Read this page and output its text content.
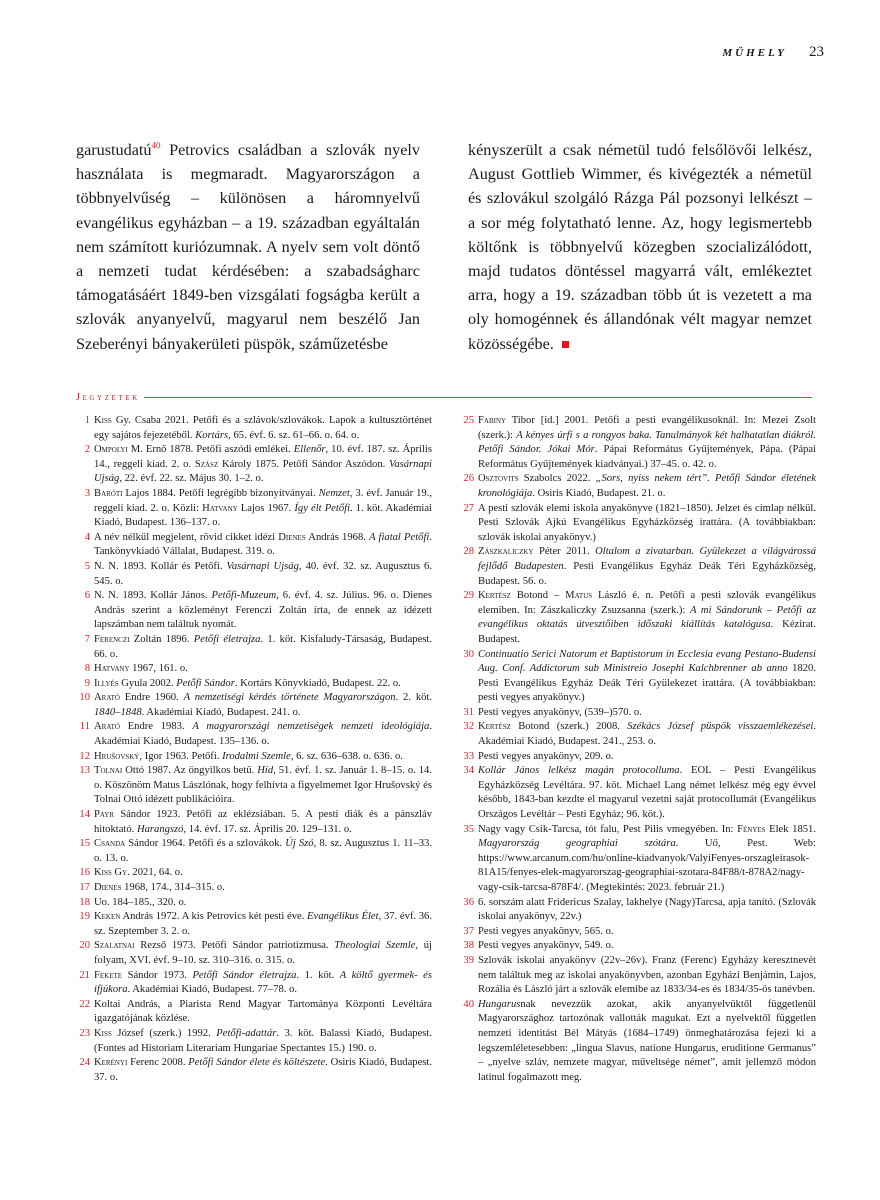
MŰHELY 23

garustudatú$^{40}$ Petrovics családban a szlovák nyelv használata is megmaradt. Magyarországon a többnyelvűség – különösen a háromnyelvű evangélikus egyházban – a 19. században egyáltalán nem számított kuriózumnak. A nyelv sem volt döntő a nemzeti tudat kérdésében: a szabadságharc támogatásáért 1849-ben vizsgálati fogságba került a szlovák anyanyelvű, magyarul nem beszélő Jan Szeberényi bányakerületi püspök, száműzetésbe

kényszerült a csak németül tudó felsőlövői lelkész, August Gottlieb Wimmer, és kivégezték a németül és szlovákul szolgáló Rázga Pál pozsonyi lelkészt – a sor még folytatható lenne. Az, hogy legismertebb költőnk is többnyelvű közegben szocializálódott, majd tudatos döntéssel magyarrá vált, emlékeztet arra, hogy a 19. században több út is vezetett a ma oly homogénnek és állandónak vélt magyar nemzet közösségébe.

Jegyzetek
1 Kiss Gy. Csaba 2021. Petőfi és a szlávok/szlovákok. Lapok a kultusztörténet egy sajátos fejezetéből. Kortárs, 65. évf. 6. sz. 61–66. o. 64. o.
2 Ompolyi M. Ernő 1878. Petőfi aszódi emlékei. Ellenőr, 10. évf. 187. sz. Április 14., reggeli kiad. 2. o. Szász Károly 1875. Petőfi Sándor Aszódon. Vasárnapi Ujság, 22. évf. 22. sz. Május 30. 1–2. o.
3 Baróti Lajos 1884. Petőfi legrégibb bizonyítványai. Nemzet, 3. évf. Január 19., reggeli kiad. 2. o. Közli: Hatvany Lajos 1967. Így élt Petőfi. 1. köt. Akadémiai Kiadó, Budapest. 136–137. o.
4 A név nélkül megjelent, rövid cikket idézi Dienes András 1968. A fiatal Petőfi. Tankönyvkiadó Vállalat, Budapest. 319. o.
5 N. N. 1893. Kollár és Petőfi. Vasárnapi Ujság, 40. évf. 32. sz. Augusztus 6. 545. o.
6 N. N. 1893. Kollár János. Petőfi-Muzeum, 6. évf. 4. sz. Július. 96. o. Dienes András szerint a közleményt Ferenczi Zoltán írta, de ennek az idézett lapszámban nem találtuk nyomát.
7 Ferenczi Zoltán 1896. Petőfi életrajza. 1. köt. Kisfaludy-Társaság, Budapest. 66. o.
8 Hatvany 1967, 161. o.
9 Illyés Gyula 2002. Petőfi Sándor. Kortárs Könyvkiadó, Budapest. 22. o.
10 Arató Endre 1960. A nemzetiségi kérdés története Magyarországon. 2. köt. 1840–1848. Akadémiai Kiadó, Budapest. 241. o.
11 Arató Endre 1983. A magyarországi nemzetiségek nemzeti ideológiája. Akadémiai Kiadó, Budapest. 135–136. o.
12 Hrušovský, Igor 1963. Petőfi. Irodalmi Szemle, 6. sz. 636–638. o. 636. o.
13 Tolnai Ottó 1987. Az öngyilkos betű. Híd, 51. évf. 1. sz. Január 1. 8–15. o. 14. o. Köszönöm Matus Lászlónak, hogy felhívta a figyelmemet Igor Hrušovský és Tolnai Ottó idézett publikációira.
14 Payr Sándor 1923. Petőfi az eklézsiában. 5. A pesti diák és a pánszláv hitoktató. Harangszó, 14. évf. 17. sz. Április 20. 129–131. o.
15 Csanda Sándor 1964. Petőfi és a szlovákok. Új Szó, 8. sz. Augusztus 1. 11–33. o. 13. o.
16 Kiss Gy. 2021, 64. o.
17 Dienes 1968, 174., 314–315. o.
18 Uo. 184–185., 320. o.
19 Keken András 1972. A kis Petrovics két pesti éve. Evangélikus Élet, 37. évf. 36. sz. Szeptember 3. 2. o.
20 Szalatnai Rezső 1973. Petőfi Sándor patriotizmusa. Theologiai Szemle, új folyam, XVI. évf. 9–10. sz. 310–316. o. 315. o.
21 Fekete Sándor 1973. Petőfi Sándor életrajza. 1. köt. A költő gyermek- és ifjúkora. Akadémiai Kiadó, Budapest. 77–78. o.
22 Koltai András, a Piarista Rend Magyar Tartománya Központi Levéltára igazgatójának közlése.
23 Kiss József (szerk.) 1992. Petőfi-adattár. 3. köt. Balassi Kiadó, Budapest. (Fontes ad Historiam Literariam Hungariae Spectantes 15.) 190. o.
24 Kerényi Ferenc 2008. Petőfi Sándor élete és költészete. Osiris Kiadó, Budapest. 37. o.
25 Fabiny Tibor [id.] 2001. Petőfi a pesti evangélikusoknál. In: Mezei Zsolt (szerk.): A kényes úrfi s a rongyos baka. Tanulmányok két halhatatlan diákról. Petőfi Sándor. Jókai Mór. Pápai Református Gyűjtemények, Pápa. (Pápai Református Gyűjtemények kiadványai.) 37–45. o. 42. o.
26 Osztovits Szabolcs 2022. „Sors, nyiss nekem tért”. Petőfi Sándor életének kronológiája. Osiris Kiadó, Budapest. 21. o.
27 A pesti szlovák elemi iskola anyakönyve (1821–1850). Jelzet és címlap nélkül. Pesti Szlovák Ajkú Evangélikus Egyházközség irattára. (A továbbiakban: szlovák iskolai anyakönyv.)
28 Zászkaliczky Péter 2011. Oltalom a zivatarban. Gyülekezet a világvárossá fejlődő Budapesten. Pesti Evangélikus Egyház Deák Téri Egyházközség, Budapest. 56. o.
29 Kertész Botond – Matus László é. n. Petőfi a pesti szlovák evangélikus elemiben. In: Zászkaliczky Zsuzsanna (szerk.): A mi Sándorunk – Petőfi az evangélikus oktatás útvesztőiben időszaki kiállítás katalógusa. Kézirat. Budapest.
30 Continuatio Serici Natorum et Baptistorum in Ecclesia evang Pestano-Budensi Aug. Conf. Addictorum sub Ministreio Josephi Kalchbrenner ab anno 1820. Pesti Evangélikus Egyház Deák Téri Gyülekezet irattára. (A továbbiakban: pesti vegyes anyakönyv.)
31 Pesti vegyes anyakönyv, (539–)570. o.
32 Kertész Botond (szerk.) 2008. Székács József püspök visszaemlékezései. Akadémiai Kiadó, Budapest. 241., 253. o.
33 Pesti vegyes anyakönyv, 209. o.
34 Kollár János lelkész magán protocolluma. EOL – Pesti Evangélikus Egyházközség Levéltára. 97. köt. Michael Lang német lelkész még egy évvel később, 1843-ban kezdte el magyarul vezetni saját protocollumát (Evangélikus Országos Levéltár – Pesti Egyház; 96. köt.).
35 Nagy vagy Csik-Tarcsa, tót falu, Pest Pilis vmegyében. In: Fényes Elek 1851. Magyarország geographiai szótára. Uő, Pest. Web: https://www.arcanum.com/hu/online-kiadvanyok/ValyiFenyes-orszagleirasok-81A15/fenyes-elek-magyarorszag-geographiai-szotara-84F88/t-878A2/nagy-vagy-csik-tarcsa-878F4/. (Megtekintés: 2023. február 21.)
36 6. sorszám alatt Fridericus Szalay, lakhelye (Nagy)Tarcsa, apja tanító. (Szlovák iskolai anyakönyv, 22v.)
37 Pesti vegyes anyakönyv, 565. o.
38 Pesti vegyes anyakönyv, 549. o.
39 Szlovák iskolai anyakönyv (22v–26v). Franz (Ferenc) Egyházy keresztnevét nem találtuk meg az iskolai anyakönyvben, azonban Egyházi Benjámin, Lajos, Rozália és László járt a szlovák elemibe az 1833/34-es és 1834/35-ös tanévben.
40 Hungarusnak nevezzük azokat, akik anyanyelvüktől függetlenül Magyarországhoz tartozónak vallották magukat. Ezt a nyelvektől független nemzeti identitást Bél Mátyás (1684–1749) önmeghatározása fejezi ki a legszemléletesebben: „lingua Slavus, natione Hungarus, eruditione Germanus” – „nyelve szláv, nemzete magyar, műveltsége német”, amit jellemző módon latinul fogalmazott meg.
